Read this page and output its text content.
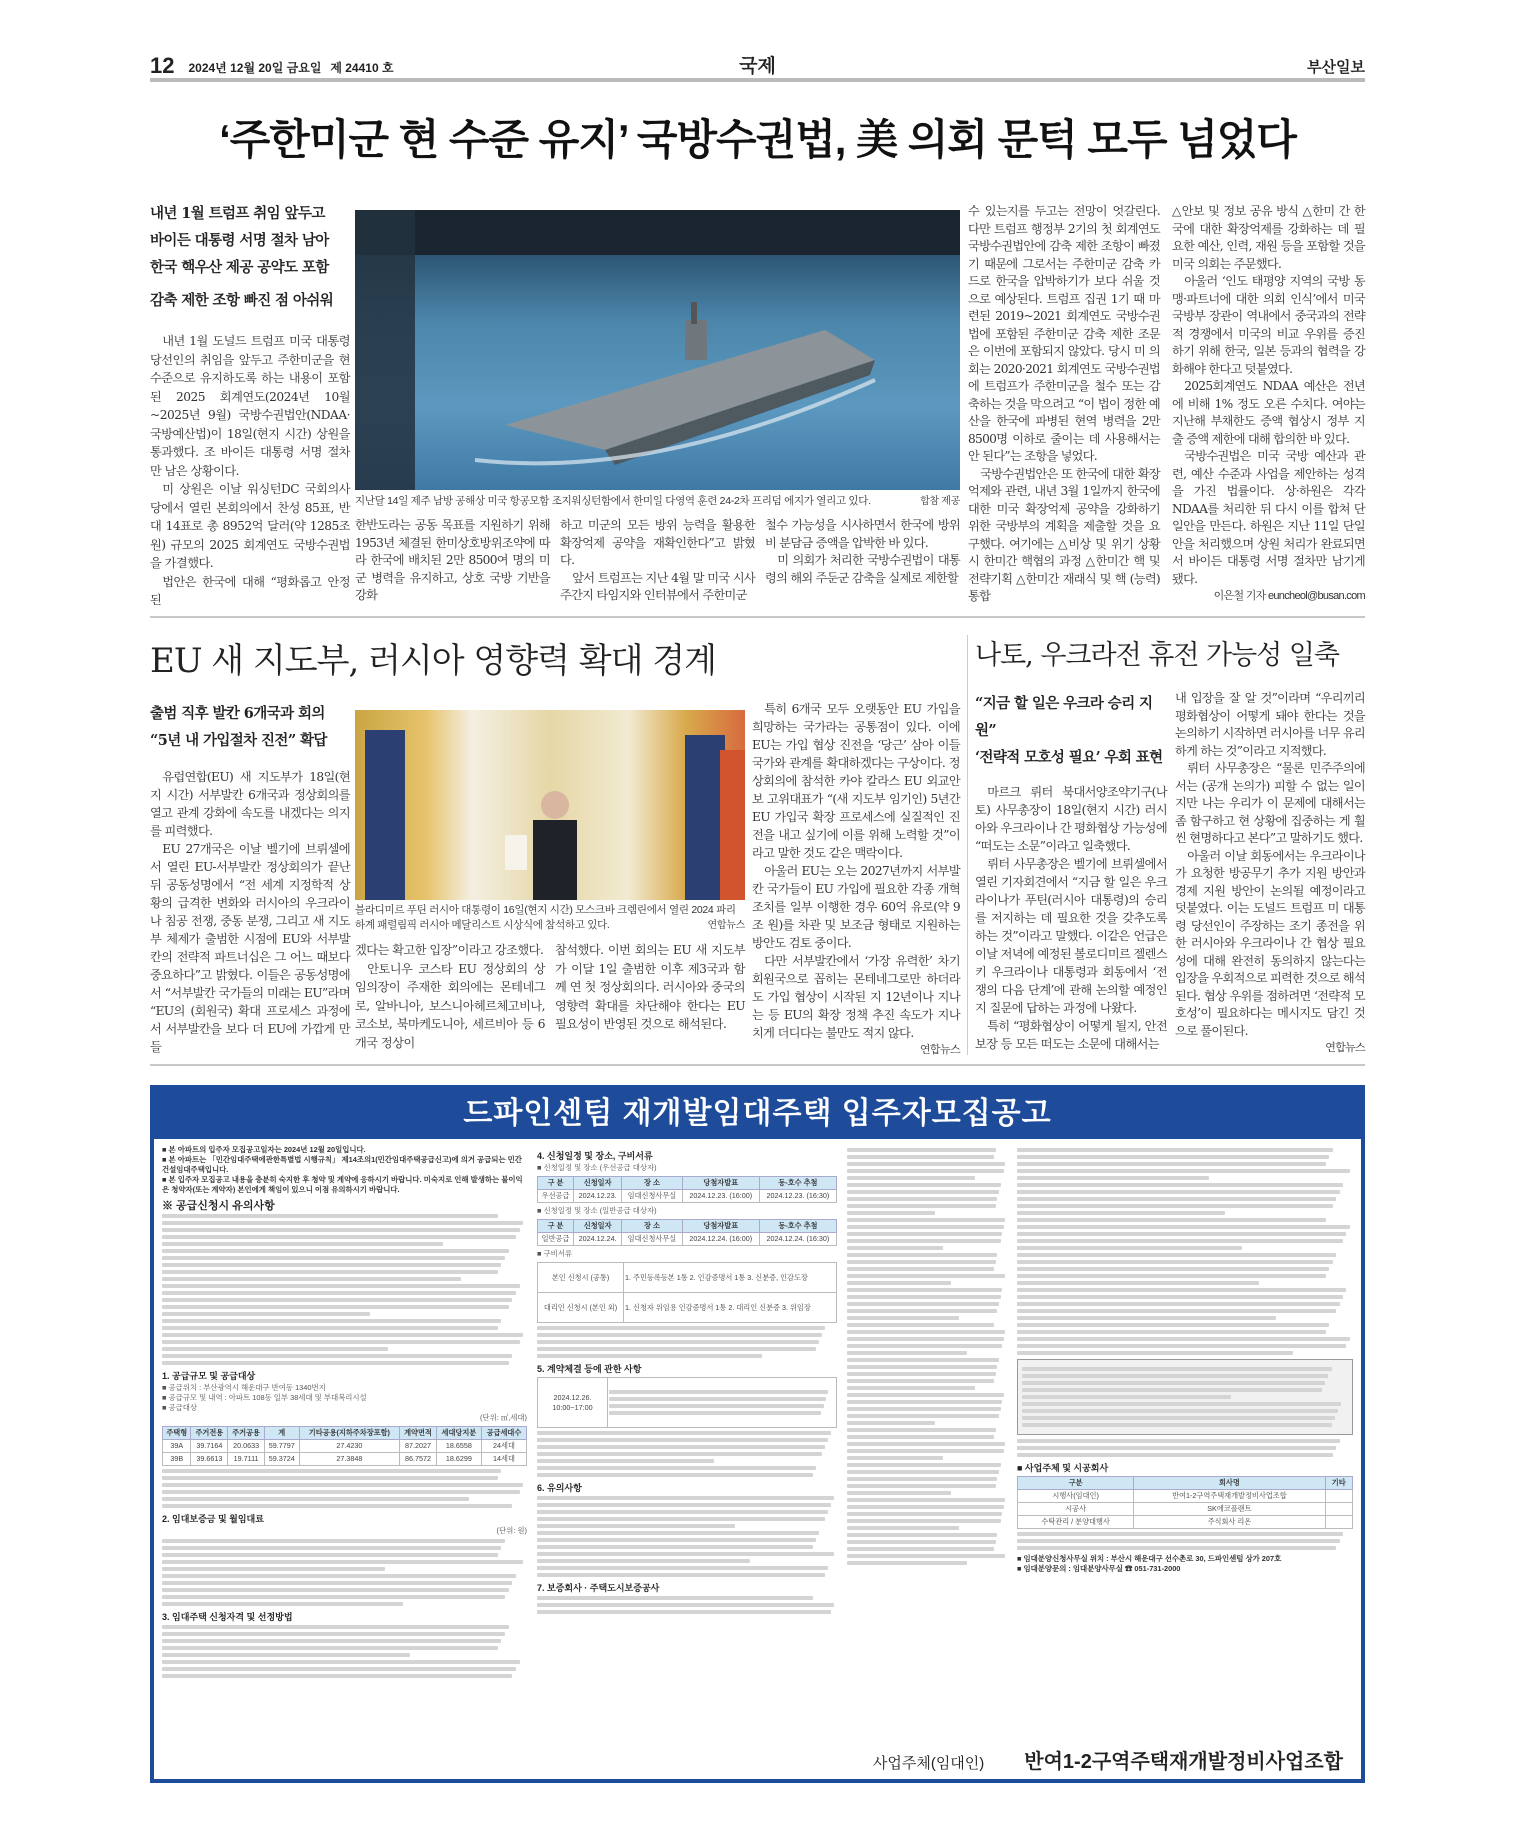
12 2024년 12월 20일 금요일
제 24410 호	국제	부산일보
‘주한미군 현 수준 유지’ 국방수권법, 美 의회 문턱 모두 넘었다
내년 1월 트럼프 취임 앞두고
바이든 대통령 서명 절차 남아
한국 핵우산 제공 공약도 포함
감축 제한 조항 빠진 점 아쉬워

내년 1월 도널드 트럼프 미국 대통령 당선인의 취임을 앞두고 주한미군을 현 수준으로 유지하도록 하는 내용이 포함된 2025 회계연도(2024년 10월~2025년 9월) 국방수권법안(NDAA·국방예산법)이 18일(현지 시간) 상원을 통과했다. 조 바이든 대통령 서명 절차만 남은 상황이다.

미 상원은 이날 워싱턴DC 국회의사당에서 열린 본회의에서 찬성 85표, 반대 14표로 총 8952억 달러(약 1285조 원) 규모의 2025 회계연도 국방수권법을 가결했다.

법안은 한국에 대해 “평화롭고 안정된

합참 제공
지난달 14일 제주 남방 공해상 미국 항공모함 조지워싱턴함에서 한미일 다영역 훈련 24-2차 프리덤 에지가 열리고 있다.

한반도라는 공동 목표를 지원하기 위해 1953년 체결된 한미상호방위조약에 따라 한국에 배치된 2만 8500여 명의 미군 병력을 유지하고, 상호 국방 기반을 강화

하고 미군의 모든 방위 능력을 활용한 확장억제 공약을 재확인한다”고 밝혔다.

앞서 트럼프는 지난 4월 말 미국 시사주간지 타임지와 인터뷰에서 주한미군

철수 가능성을 시사하면서 한국에 방위비 분담금 증액을 압박한 바 있다.

미 의회가 처리한 국방수권법이 대통령의 해외 주둔군 감축을 실제로 제한할

수 있는지를 두고는 전망이 엇갈린다. 다만 트럼프 행정부 2기의 첫 회계연도 국방수권법안에 감축 제한 조항이 빠졌기 때문에 그로서는 주한미군 감축 카드로 한국을 압박하기가 보다 쉬울 것으로 예상된다. 트럼프 집권 1기 때 마련된 2019~2021 회계연도 국방수권법에 포함된 주한미군 감축 제한 조문은 이번에 포함되지 않았다. 당시 미 의회는 2020·2021 회계연도 국방수권법에 트럼프가 주한미군을 철수 또는 감축하는 것을 막으려고 “이 법이 정한 예산을 한국에 파병된 현역 병력을 2만 8500명 이하로 줄이는 데 사용해서는 안 된다”는 조항을 넣었다.

국방수권법안은 또 한국에 대한 확장억제와 관련, 내년 3월 1일까지 한국에 대한 미국 확장억제 공약을 강화하기 위한 국방부의 계획을 제출할 것을 요구했다. 여기에는 △비상 및 위기 상황시 한미간 핵협의 과정 △한미간 핵 및 전략기획 △한미간 재래식 및 핵 (능력) 통합

△안보 및 정보 공유 방식 △한미 간 한국에 대한 확장억제를 강화하는 데 필요한 예산, 인력, 재원 등을 포함할 것을 미국 의회는 주문했다.

아울러 ‘인도 태평양 지역의 국방 동맹·파트너에 대한 의회 인식’에서 미국 국방부 장관이 역내에서 중국과의 전략적 경쟁에서 미국의 비교 우위를 증진하기 위해 한국, 일본 등과의 협력을 강화해야 한다고 덧붙였다.

2025회계연도 NDAA 예산은 전년에 비해 1% 정도 오른 수치다. 여야는 지난해 부채한도 증액 협상시 정부 지출 증액 제한에 대해 합의한 바 있다.

국방수권법은 미국 국방 예산과 관련, 예산 수준과 사업을 제안하는 성격을 가진 법률이다. 상·하원은 각각 NDAA를 처리한 뒤 다시 이를 합쳐 단일안을 만든다. 하원은 지난 11일 단일안을 처리했으며 상원 처리가 완료되면서 바이든 대통령 서명 절차만 남기게 됐다.

이은철 기자 euncheol@busan.com
EU 새 지도부, 러시아 영향력 확대 경계
출범 직후 발칸 6개국과 회의
“5년 내 가입절차 진전” 확답

유럽연합(EU) 새 지도부가 18일(현지 시간) 서부발칸 6개국과 정상회의를 열고 관계 강화에 속도를 내겠다는 의지를 피력했다.

EU 27개국은 이날 벨기에 브뤼셀에서 열린 EU-서부발칸 정상회의가 끝난 뒤 공동성명에서 “전 세계 지정학적 상황의 급격한 변화와 러시아의 우크라이나 침공 전쟁, 중동 분쟁, 그리고 새 지도부 체제가 출범한 시점에 EU와 서부발칸의 전략적 파트너십은 그 어느 때보다 중요하다”고 밝혔다. 이들은 공동성명에서 “서부발칸 국가들의 미래는 EU”라며 “EU의 (회원국) 확대 프로세스 과정에서 서부발칸을 보다 더 EU에 가깝게 만들

블라디미르 푸틴 러시아 대통령이 16일(현지 시간) 모스크바 크렘린에서 열린 2024 파리 하계 패럴림픽 러시아 메달리스트 시상식에 참석하고 있다.	연합뉴스

겠다는 확고한 입장”이라고 강조했다.

안토니우 코스타 EU 정상회의 상임의장이 주재한 회의에는 몬테네그로, 알바니아, 보스니아헤르체고비나, 코소보, 북마케도니아, 세르비아 등 6개국 정상이

참석했다. 이번 회의는 EU 새 지도부가 이달 1일 출범한 이후 제3국과 함께 연 첫 정상회의다. 러시아와 중국의 영향력 확대를 차단해야 한다는 EU 필요성이 반영된 것으로 해석된다.

특히 6개국 모두 오랫동안 EU 가입을 희망하는 국가라는 공통점이 있다. 이에 EU는 가입 협상 진전을 ‘당근’ 삼아 이들 국가와 관계를 확대하겠다는 구상이다. 정상회의에 참석한 카야 칼라스 EU 외교안보 고위대표가 “(새 지도부 임기인) 5년간 EU 가입국 확장 프로세스에 실질적인 진전을 내고 싶기에 이를 위해 노력할 것”이라고 말한 것도 같은 맥락이다.

아울러 EU는 오는 2027년까지 서부발칸 국가들이 EU 가입에 필요한 각종 개혁 조치를 일부 이행한 경우 60억 유로(약 9조 원)를 차관 및 보조금 형태로 지원하는 방안도 검토 중이다.

다만 서부발칸에서 ‘가장 유력한’ 차기 회원국으로 꼽히는 몬테네그로만 하더라도 가입 협상이 시작된 지 12년이나 지나는 등 EU의 확장 정책 추진 속도가 지나치게 더디다는 불만도 적지 않다.

연합뉴스
나토, 우크라전 휴전 가능성 일축
“지금 할 일은 우크라 승리 지원”
‘전략적 모호성 필요’ 우회 표현

마르크 뤼터 북대서양조약기구(나토) 사무총장이 18일(현지 시간) 러시아와 우크라이나 간 평화협상 가능성에 “떠도는 소문”이라고 일축했다.

뤼터 사무총장은 벨기에 브뤼셀에서 열린 기자회견에서 “지금 할 일은 우크라이나가 푸틴(러시아 대통령)의 승리를 저지하는 데 필요한 것을 갖추도록 하는 것”이라고 말했다. 이같은 언급은 이날 저녁에 예정된 볼로디미르 젤렌스키 우크라이나 대통령과 회동에서 ‘전쟁의 다음 단계’에 관해 논의할 예정인지 질문에 답하는 과정에 나왔다.

특히 “평화협상이 어떻게 될지, 안전보장 등 모든 떠도는 소문에 대해서는

내 입장을 잘 알 것”이라며 “우리끼리 평화협상이 어떻게 돼야 한다는 것을 논의하기 시작하면 러시아를 너무 유리하게 하는 것”이라고 지적했다.

뤼터 사무총장은 “물론 민주주의에서는 (공개 논의가) 피할 수 없는 일이지만 나는 우리가 이 문제에 대해서는 좀 함구하고 현 상황에 집중하는 게 훨씬 현명하다고 본다”고 말하기도 했다.

아울러 이날 회동에서는 우크라이나가 요청한 방공무기 추가 지원 방안과 경제 지원 방안이 논의될 예정이라고 덧붙였다. 이는 도널드 트럼프 미 대통령 당선인이 주장하는 조기 종전을 위한 러시아와 우크라이나 간 협상 필요성에 대해 완전히 동의하지 않는다는 입장을 우회적으로 피력한 것으로 해석된다. 협상 우위를 점하려면 ‘전략적 모호성’이 필요하다는 메시지도 담긴 것으로 풀이된다.

연합뉴스
드파인센텀 재개발임대주택 입주자모집공고
■ 본 아파트의 입주자 모집공고일자는 2024년 12월 20일입니다.
■ 본 아파트는 「민간임대주택에관한특별법 시행규칙」 제14조의1(민간임대주택공급신고)에 의거 공급되는 민간건설임대주택입니다.
■ 본 입주자 모집공고 내용을 충분히 숙지한 후 청약 및 계약에 응하시기 바랍니다. 미숙지로 인해 발생하는 불이익은 청약자(또는 계약자) 본인에게 책임이 있으니 이점 유의하시기 바랍니다.
※ 공급신청시 유의사항
1. 공급규모 및 공급대상
■ 공급위치 : 부산광역시 해운대구 반여동 1340번지
■ 공급규모 및 내역 : 아파트 108동 일부 38세대 및 부대복리시설
■ 공급대상
(단위: ㎡,세대)
주택형	주거전용	주거공용	계	기타공용(지하주차장포함)	계약면적	세대당지분	공급세대수
39A	39.7164	20.0633	59.7797	27.4230	87.2027	18.6558	24세대
39B	39.6613	19.7111	59.3724	27.3848	86.7572	18.6299	14세대
2. 임대보증금 및 월임대료
(단위: 원)
3. 임대주택 신청자격 및 선정방법
4. 신청일정 및 장소, 구비서류
■ 신청일정 및 장소 (우선공급 대상자)
구 분	신청일자	장 소	당첨자발표	동-호수 추첨
우선공급	2024.12.23.	임대신청사무실	2024.12.23. (16:00)	2024.12.23. (16:30)
■ 신청일정 및 장소 (일반공급 대상자)
구 분	신청일자	장 소	당첨자발표	동-호수 추첨
일반공급	2024.12.24.	임대신청사무실	2024.12.24. (16:00)	2024.12.24. (16:30)
■ 구비서류
본인 신청시 (공통)	1. 주민등록등본 1통 2. 인감증명서 1통 3. 신분증, 인감도장
대리인 신청시 (본인 외)	1. 신청자 위임용 인감증명서 1통 2. 대리인 신분증 3. 위임장
5. 계약체결 등에 관한 사항
2024.12.26. 10:00~17:00	
6. 유의사항
7. 보증회사 · 주택도시보증공사
■ 사업주체 및 시공회사
구분	회사명	기타
시행사(임대인)	반여1-2구역주택재개발정비사업조합	
시공사	SK에코플랜트	
수탁관리 / 분양대행사	주식회사 리온	
■ 임대분양신청사무실 위치 : 부산시 해운대구 선수촌로 30, 드파인센텀 상가 207호
■ 임대분양문의 : 임대분양사무실 ☎ 051-731-2000
사업주체(임대인) 반여1-2구역주택재개발정비사업조합
